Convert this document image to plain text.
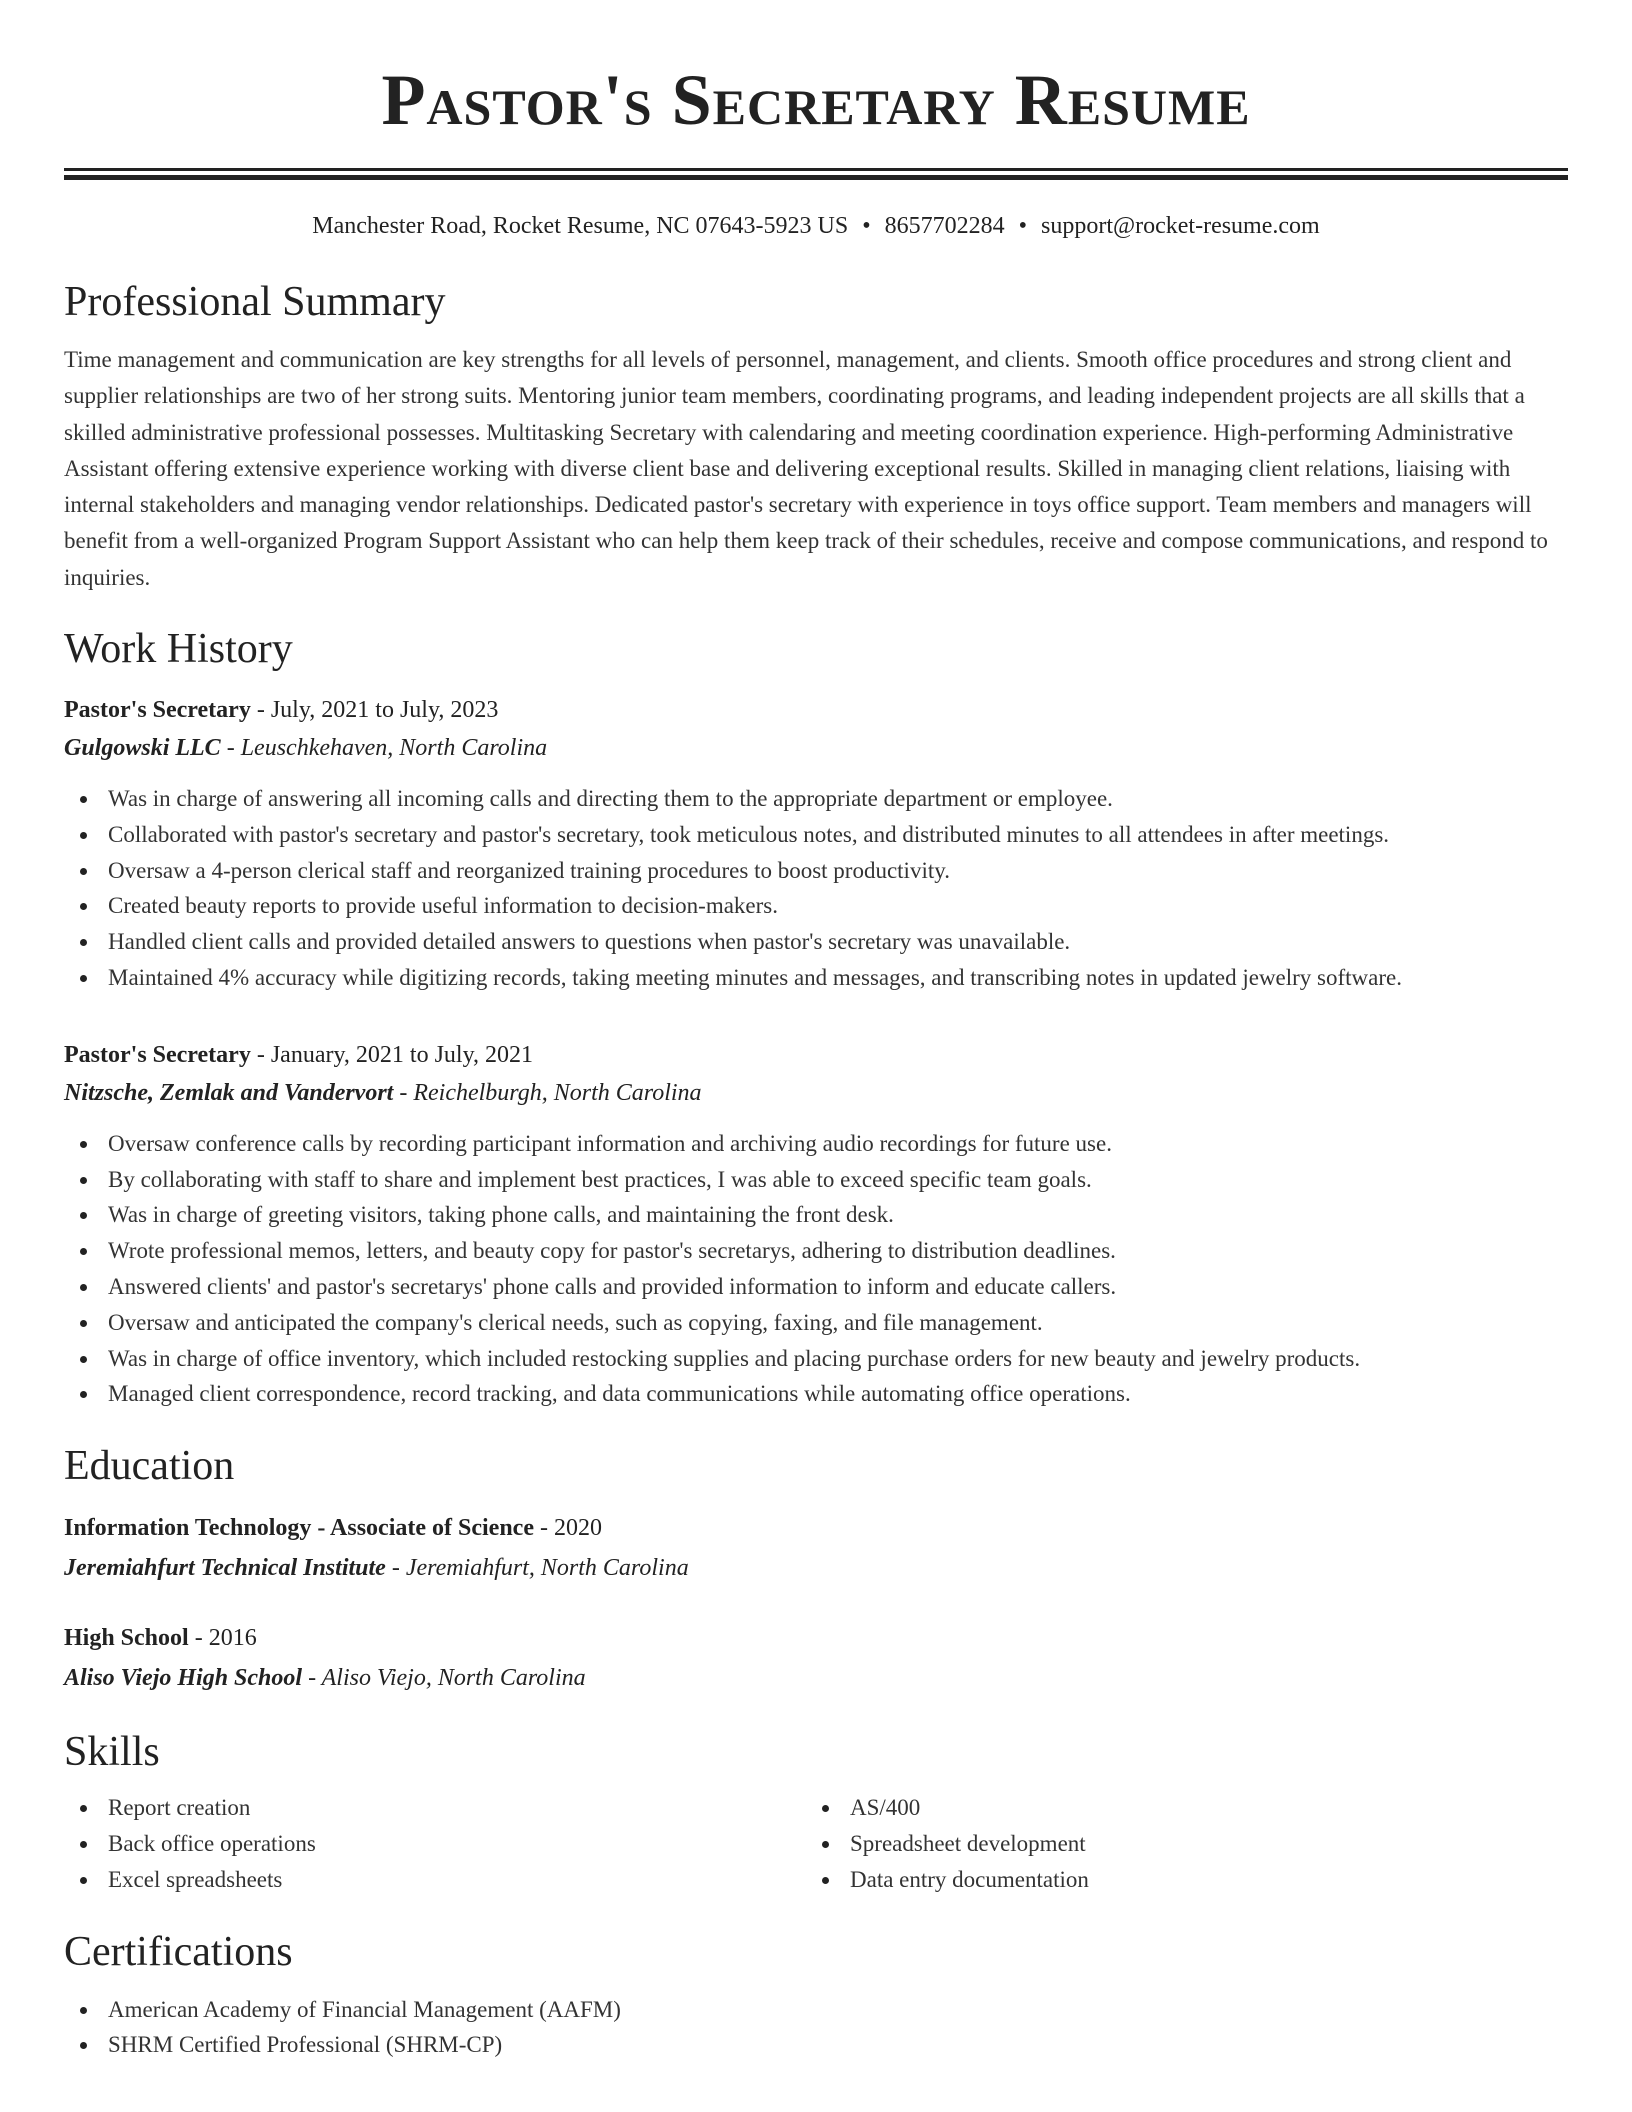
Pastor's Secretary Resume
Manchester Road, Rocket Resume, NC 07643-5923 US • 8657702284 • support@rocket-resume.com
Professional Summary

Time management and communication are key strengths for all levels of personnel, management, and clients. Smooth office procedures and strong client and supplier relationships are two of her strong suits. Mentoring junior team members, coordinating programs, and leading independent projects are all skills that a skilled administrative professional possesses. Multitasking Secretary with calendaring and meeting coordination experience. High-performing Administrative Assistant offering extensive experience working with diverse client base and delivering exceptional results. Skilled in managing client relations, liaising with internal stakeholders and managing vendor relationships. Dedicated pastor's secretary with experience in toys office support. Team members and managers will benefit from a well-organized Program Support Assistant who can help them keep track of their schedules, receive and compose communications, and respond to inquiries.

Work History
Pastor's Secretary - July, 2021 to July, 2023
Gulgowski LLC - Leuschkehaven, North Carolina
Was in charge of answering all incoming calls and directing them to the appropriate department or employee.
Collaborated with pastor's secretary and pastor's secretary, took meticulous notes, and distributed minutes to all attendees in after meetings.
Oversaw a 4-person clerical staff and reorganized training procedures to boost productivity.
Created beauty reports to provide useful information to decision-makers.
Handled client calls and provided detailed answers to questions when pastor's secretary was unavailable.
Maintained 4% accuracy while digitizing records, taking meeting minutes and messages, and transcribing notes in updated jewelry software.
Pastor's Secretary - January, 2021 to July, 2021
Nitzsche, Zemlak and Vandervort - Reichelburgh, North Carolina
Oversaw conference calls by recording participant information and archiving audio recordings for future use.
By collaborating with staff to share and implement best practices, I was able to exceed specific team goals.
Was in charge of greeting visitors, taking phone calls, and maintaining the front desk.
Wrote professional memos, letters, and beauty copy for pastor's secretarys, adhering to distribution deadlines.
Answered clients' and pastor's secretarys' phone calls and provided information to inform and educate callers.
Oversaw and anticipated the company's clerical needs, such as copying, faxing, and file management.
Was in charge of office inventory, which included restocking supplies and placing purchase orders for new beauty and jewelry products.
Managed client correspondence, record tracking, and data communications while automating office operations.
Education
Information Technology - Associate of Science - 2020
Jeremiahfurt Technical Institute - Jeremiahfurt, North Carolina
High School - 2016
Aliso Viejo High School - Aliso Viejo, North Carolina
Skills
Report creation
Back office operations
Excel spreadsheets
AS/400
Spreadsheet development
Data entry documentation
Certifications
American Academy of Financial Management (AAFM)
SHRM Certified Professional (SHRM-CP)
